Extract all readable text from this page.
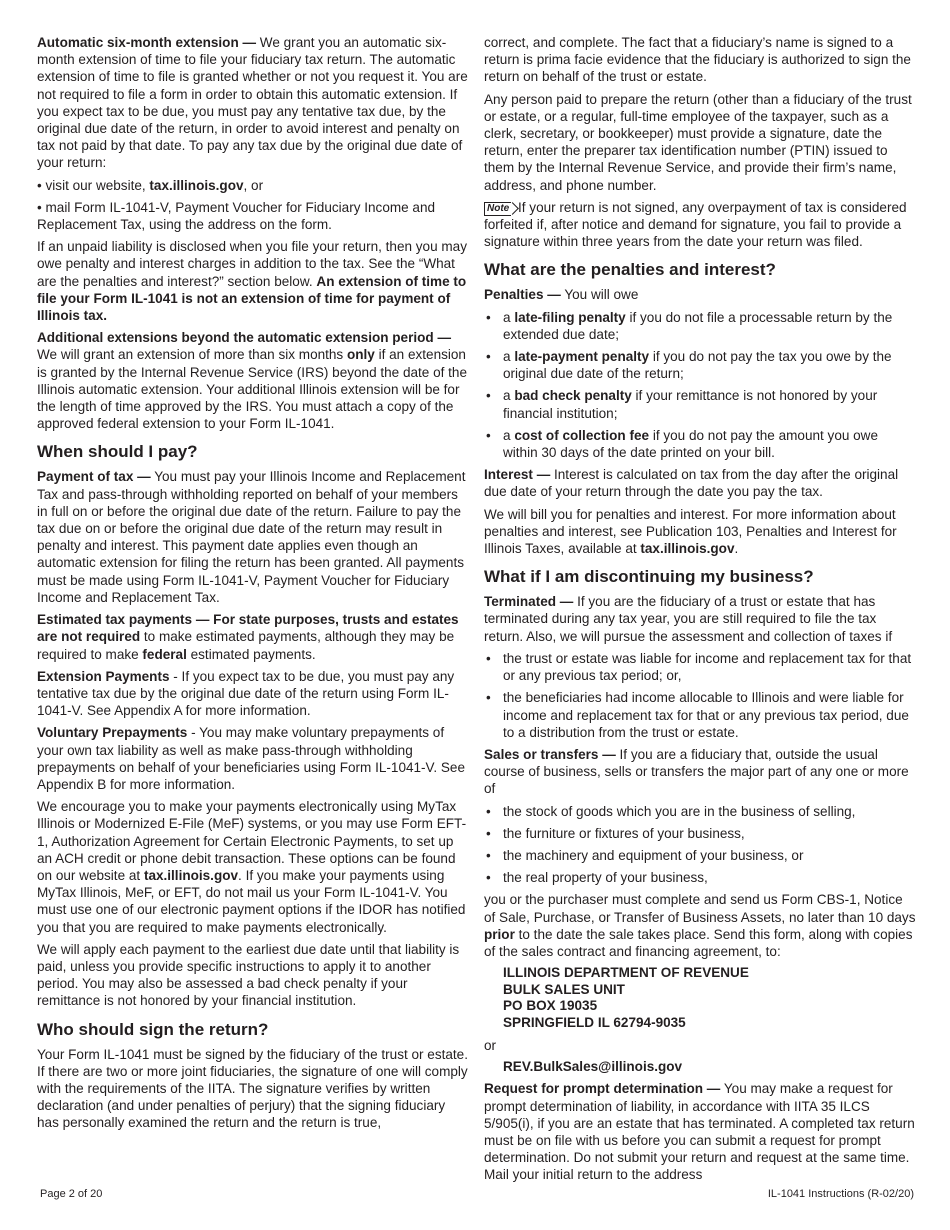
Automatic six-month extension — We grant you an automatic six-month extension of time to file your fiduciary tax return. The automatic extension of time to file is granted whether or not you request it. You are not required to file a form in order to obtain this automatic extension. If you expect tax to be due, you must pay any tentative tax due, by the original due date of the return, in order to avoid interest and penalty on tax not paid by that date. To pay any tax due by the original due date of your return:

• visit our website, tax.illinois.gov, or

• mail Form IL-1041-V, Payment Voucher for Fiduciary Income and Replacement Tax, using the address on the form.

If an unpaid liability is disclosed when you file your return, then you may owe penalty and interest charges in addition to the tax. See the “What are the penalties and interest?” section below. An extension of time to file your Form IL-1041 is not an extension of time for payment of Illinois tax.

Additional extensions beyond the automatic extension period — We will grant an extension of more than six months only if an extension is granted by the Internal Revenue Service (IRS) beyond the date of the Illinois automatic extension. Your additional Illinois extension will be for the length of time approved by the IRS. You must attach a copy of the approved federal extension to your Form IL-1041.

When should I pay?

Payment of tax — You must pay your Illinois Income and Replacement Tax and pass-through withholding reported on behalf of your members in full on or before the original due date of the return. Failure to pay the tax due on or before the original due date of the return may result in penalty and interest. This payment date applies even though an automatic extension for filing the return has been granted. All payments must be made using Form IL-1041-V, Payment Voucher for Fiduciary Income and Replacement Tax.

Estimated tax payments — For state purposes, trusts and estates are not required to make estimated payments, although they may be required to make federal estimated payments.

Extension Payments - If you expect tax to be due, you must pay any tentative tax due by the original due date of the return using Form IL-1041-V. See Appendix A for more information.

Voluntary Prepayments - You may make voluntary prepayments of your own tax liability as well as make pass-through withholding prepayments on behalf of your beneficiaries using Form IL-1041-V. See Appendix B for more information.

We encourage you to make your payments electronically using MyTax Illinois or Modernized E-File (MeF) systems, or you may use Form EFT-1, Authorization Agreement for Certain Electronic Payments, to set up an ACH credit or phone debit transaction. These options can be found on our website at tax.illinois.gov. If you make your payments using MyTax Illinois, MeF, or EFT, do not mail us your Form IL-1041-V. You must use one of our electronic payment options if the IDOR has notified you that you are required to make payments electronically.

We will apply each payment to the earliest due date until that liability is paid, unless you provide specific instructions to apply it to another period. You may also be assessed a bad check penalty if your remittance is not honored by your financial institution.

Who should sign the return?

Your Form IL-1041 must be signed by the fiduciary of the trust or estate. If there are two or more joint fiduciaries, the signature of one will comply with the requirements of the IITA. The signature verifies by written declaration (and under penalties of perjury) that the signing fiduciary has personally examined the return and the return is true,

correct, and complete. The fact that a fiduciary’s name is signed to a return is prima facie evidence that the fiduciary is authorized to sign the return on behalf of the trust or estate.

Any person paid to prepare the return (other than a fiduciary of the trust or estate, or a regular, full-time employee of the taxpayer, such as a clerk, secretary, or bookkeeper) must provide a signature, date the return, enter the preparer tax identification number (PTIN) issued to them by the Internal Revenue Service, and provide their firm’s name, address, and phone number.

Note If your return is not signed, any overpayment of tax is considered forfeited if, after notice and demand for signature, you fail to provide a signature within three years from the date your return was filed.

What are the penalties and interest?

Penalties — You will owe

• a late-filing penalty if you do not file a processable return by the extended due date;
• a late-payment penalty if you do not pay the tax you owe by the original due date of the return;
• a bad check penalty if your remittance is not honored by your financial institution;
• a cost of collection fee if you do not pay the amount you owe within 30 days of the date printed on your bill.

Interest — Interest is calculated on tax from the day after the original due date of your return through the date you pay the tax.

We will bill you for penalties and interest. For more information about penalties and interest, see Publication 103, Penalties and Interest for Illinois Taxes, available at tax.illinois.gov.

What if I am discontinuing my business?

Terminated — If you are the fiduciary of a trust or estate that has terminated during any tax year, you are still required to file the tax return. Also, we will pursue the assessment and collection of taxes if

• the trust or estate was liable for income and replacement tax for that or any previous tax period; or,
• the beneficiaries had income allocable to Illinois and were liable for income and replacement tax for that or any previous tax period, due to a distribution from the trust or estate.

Sales or transfers — If you are a fiduciary that, outside the usual course of business, sells or transfers the major part of any one or more of

• the stock of goods which you are in the business of selling,
• the furniture or fixtures of your business,
• the machinery and equipment of your business, or
• the real property of your business,

you or the purchaser must complete and send us Form CBS-1, Notice of Sale, Purchase, or Transfer of Business Assets, no later than 10 days prior to the date the sale takes place. Send this form, along with copies of the sales contract and financing agreement, to:

ILLINOIS DEPARTMENT OF REVENUE
BULK SALES UNIT
PO BOX 19035
SPRINGFIELD IL 62794-9035

or

REV.BulkSales@illinois.gov

Request for prompt determination — You may make a request for prompt determination of liability, in accordance with IITA 35 ILCS 5/905(i), if you are an estate that has terminated. A completed tax return must be on file with us before you can submit a request for prompt determination. Do not submit your return and request at the same time. Mail your initial return to the address

Page 2 of 20	IL-1041 Instructions (R-02/20)
